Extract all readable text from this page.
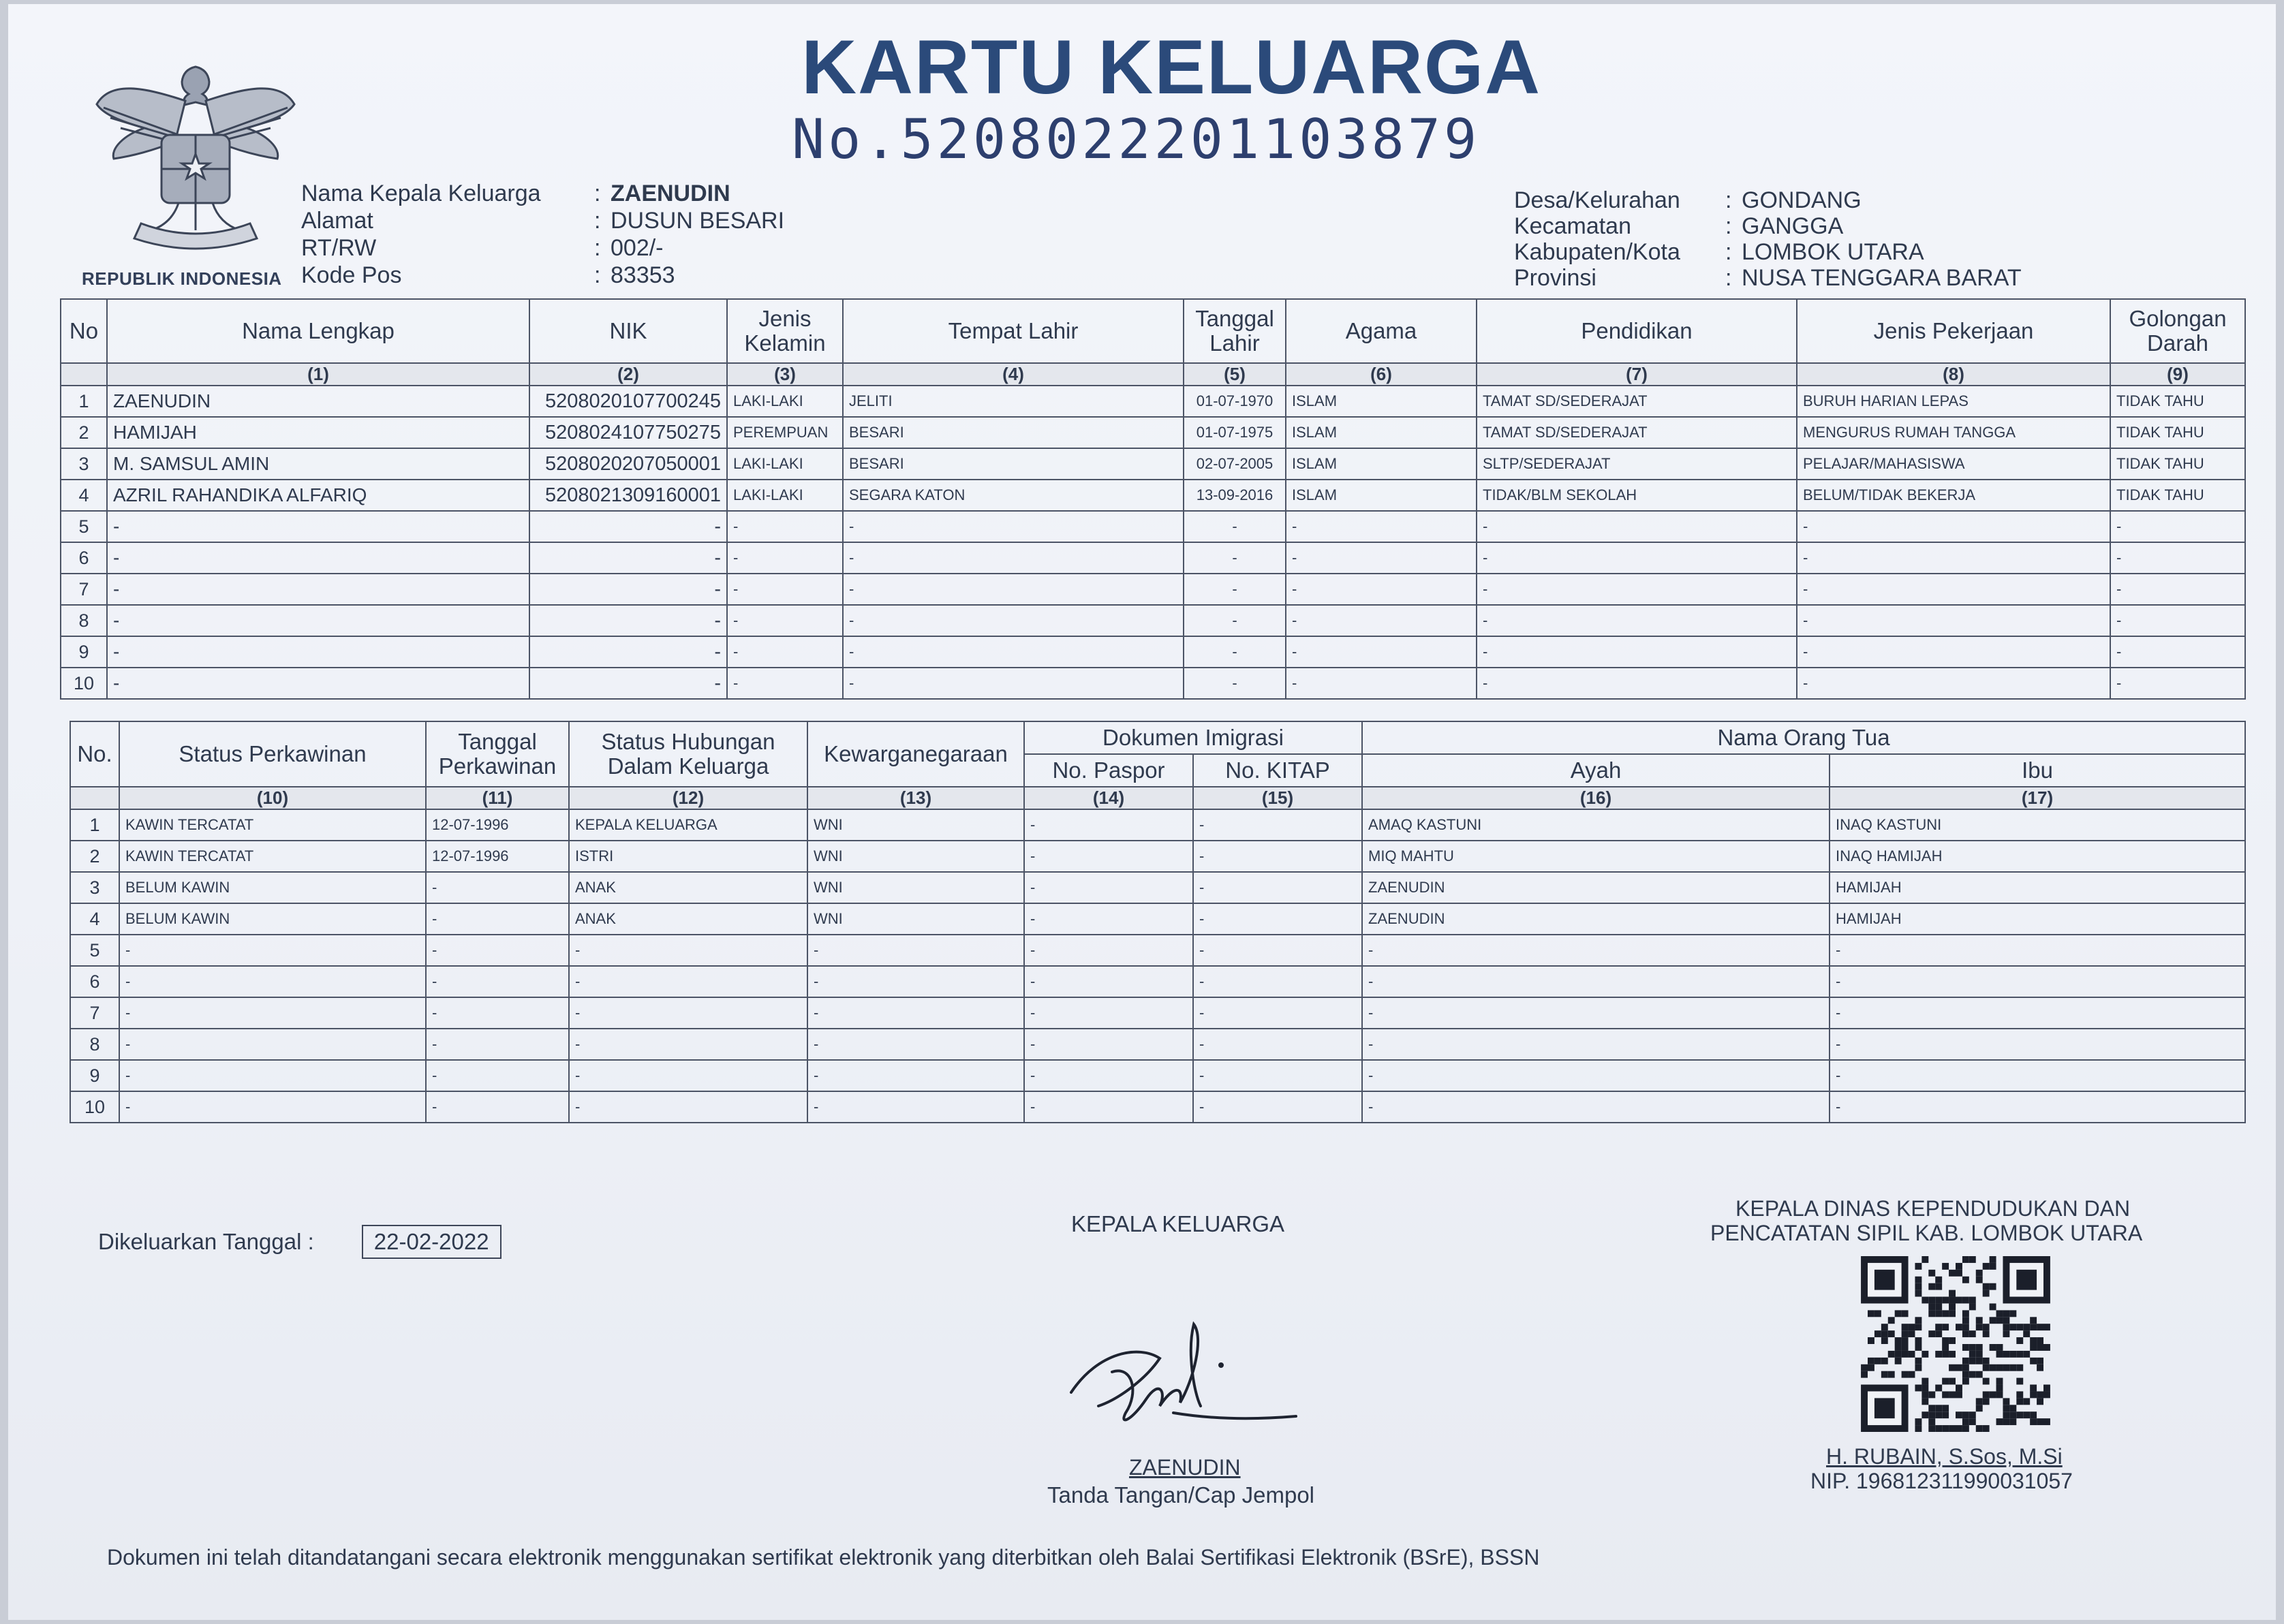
REPUBLIK INDONESIA
KARTU KELUARGA
No.5208022201103879
Nama Kepala Keluarga : ZAENUDIN
Alamat	: DUSUN BESARI
RT/RW	: 002/-
Kode Pos	: 83353
Desa/Kelurahan : GONDANG
Kecamatan	: GANGGA
Kabupaten/Kota : LOMBOK UTARA
Provinsi	: NUSA TENGGARA BARAT
No	Nama Lengkap	NIK	Jenis Kelamin	Tempat Lahir	Tanggal Lahir	Agama	Pendidikan	Jenis Pekerjaan	Golongan Darah
	(1)	(2)	(3)	(4)	(5)	(6)	(7)	(8)	(9)
1	ZAENUDIN	5208020107700245	LAKI-LAKI	JELITI	01-07-1970	ISLAM	TAMAT SD/SEDERAJAT	BURUH HARIAN LEPAS	TIDAK TAHU
2	HAMIJAH	5208024107750275	PEREMPUAN	BESARI	01-07-1975	ISLAM	TAMAT SD/SEDERAJAT	MENGURUS RUMAH TANGGA	TIDAK TAHU
3	M. SAMSUL AMIN	5208020207050001	LAKI-LAKI	BESARI	02-07-2005	ISLAM	SLTP/SEDERAJAT	PELAJAR/MAHASISWA	TIDAK TAHU
4	AZRIL RAHANDIKA ALFARIQ	5208021309160001	LAKI-LAKI	SEGARA KATON	13-09-2016	ISLAM	TIDAK/BLM SEKOLAH	BELUM/TIDAK BEKERJA	TIDAK TAHU
5	-	-	-	-	-	-	-	-	-
6	-	-	-	-	-	-	-	-	-
7	-	-	-	-	-	-	-	-	-
8	-	-	-	-	-	-	-	-	-
9	-	-	-	-	-	-	-	-	-
10	-	-	-	-	-	-	-	-	-
No.	Status Perkawinan	Tanggal Perkawinan	Status Hubungan Dalam Keluarga	Kewarganegaraan	Dokumen Imigrasi		Nama Orang Tua	
					No. Paspor	No. KITAP	Ayah	Ibu
	(10)	(11)	(12)	(13)	(14)	(15)	(16)	(17)
1	KAWIN TERCATAT	12-07-1996	KEPALA KELUARGA	WNI	-	-	AMAQ KASTUNI	INAQ KASTUNI
2	KAWIN TERCATAT	12-07-1996	ISTRI	WNI	-	-	MIQ MAHTU	INAQ HAMIJAH
3	BELUM KAWIN	-	ANAK	WNI	-	-	ZAENUDIN	HAMIJAH
4	BELUM KAWIN	-	ANAK	WNI	-	-	ZAENUDIN	HAMIJAH
5	-	-	-	-	-	-	-	-
6	-	-	-	-	-	-	-	-
7	-	-	-	-	-	-	-	-
8	-	-	-	-	-	-	-	-
9	-	-	-	-	-	-	-	-
10	-	-	-	-	-	-	-	-
Dikeluarkan Tanggal :	22-02-2022
KEPALA KELUARGA
ZAENUDIN
Tanda Tangan/Cap Jempol
KEPALA DINAS KEPENDUDUKAN DAN
PENCATATAN SIPIL KAB. LOMBOK UTARA
H. RUBAIN, S.Sos, M.Si
NIP. 196812311990031057
Dokumen ini telah ditandatangani secara elektronik menggunakan sertifikat elektronik yang diterbitkan oleh Balai Sertifikasi Elektronik (BSrE), BSSN
